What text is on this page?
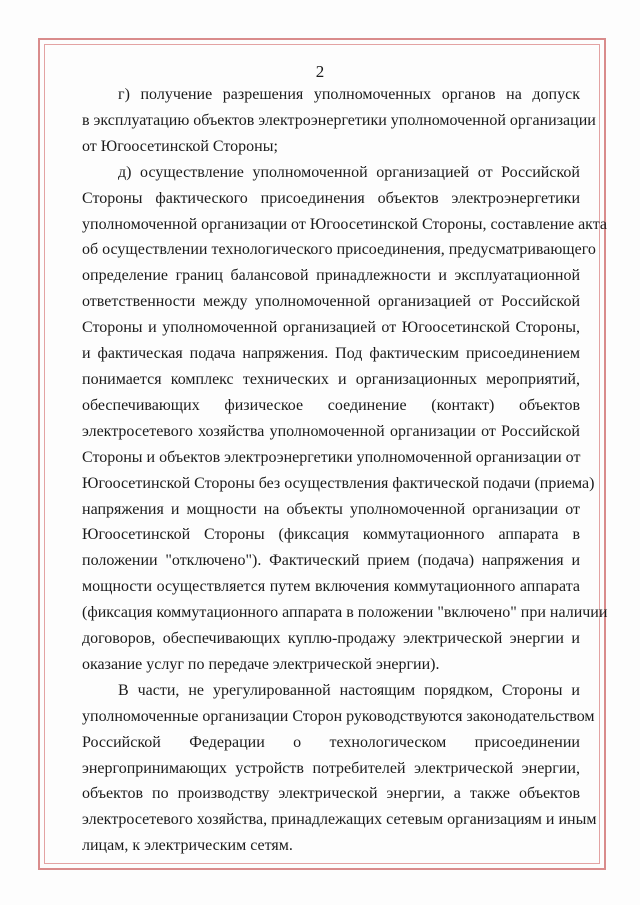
2
г) получение разрешения уполномоченных органов на допуск
в эксплуатацию объектов электроэнергетики уполномоченной организации
от Югоосетинской Стороны;
д) осуществление уполномоченной организацией от Российской
Стороны фактического присоединения объектов электроэнергетики
уполномоченной организации от Югоосетинской Стороны, составление акта
об осуществлении технологического присоединения, предусматривающего
определение границ балансовой принадлежности и эксплуатационной
ответственности между уполномоченной организацией от Российской
Стороны и уполномоченной организацией от Югоосетинской Стороны,
и фактическая подача напряжения. Под фактическим присоединением
понимается комплекс технических и организационных мероприятий,
обеспечивающих физическое соединение (контакт) объектов
электросетевого хозяйства уполномоченной организации от Российской
Стороны и объектов электроэнергетики уполномоченной организации от
Югоосетинской Стороны без осуществления фактической подачи (приема)
напряжения и мощности на объекты уполномоченной организации от
Югоосетинской Стороны (фиксация коммутационного аппарата в
положении "отключено"). Фактический прием (подача) напряжения и
мощности осуществляется путем включения коммутационного аппарата
(фиксация коммутационного аппарата в положении "включено" при наличии
договоров, обеспечивающих куплю-продажу электрической энергии и
оказание услуг по передаче электрической энергии).
В части, не урегулированной настоящим порядком, Стороны и
уполномоченные организации Сторон руководствуются законодательством
Российской Федерации о технологическом присоединении
энергопринимающих устройств потребителей электрической энергии,
объектов по производству электрической энергии, а также объектов
электросетевого хозяйства, принадлежащих сетевым организациям и иным
лицам, к электрическим сетям.
